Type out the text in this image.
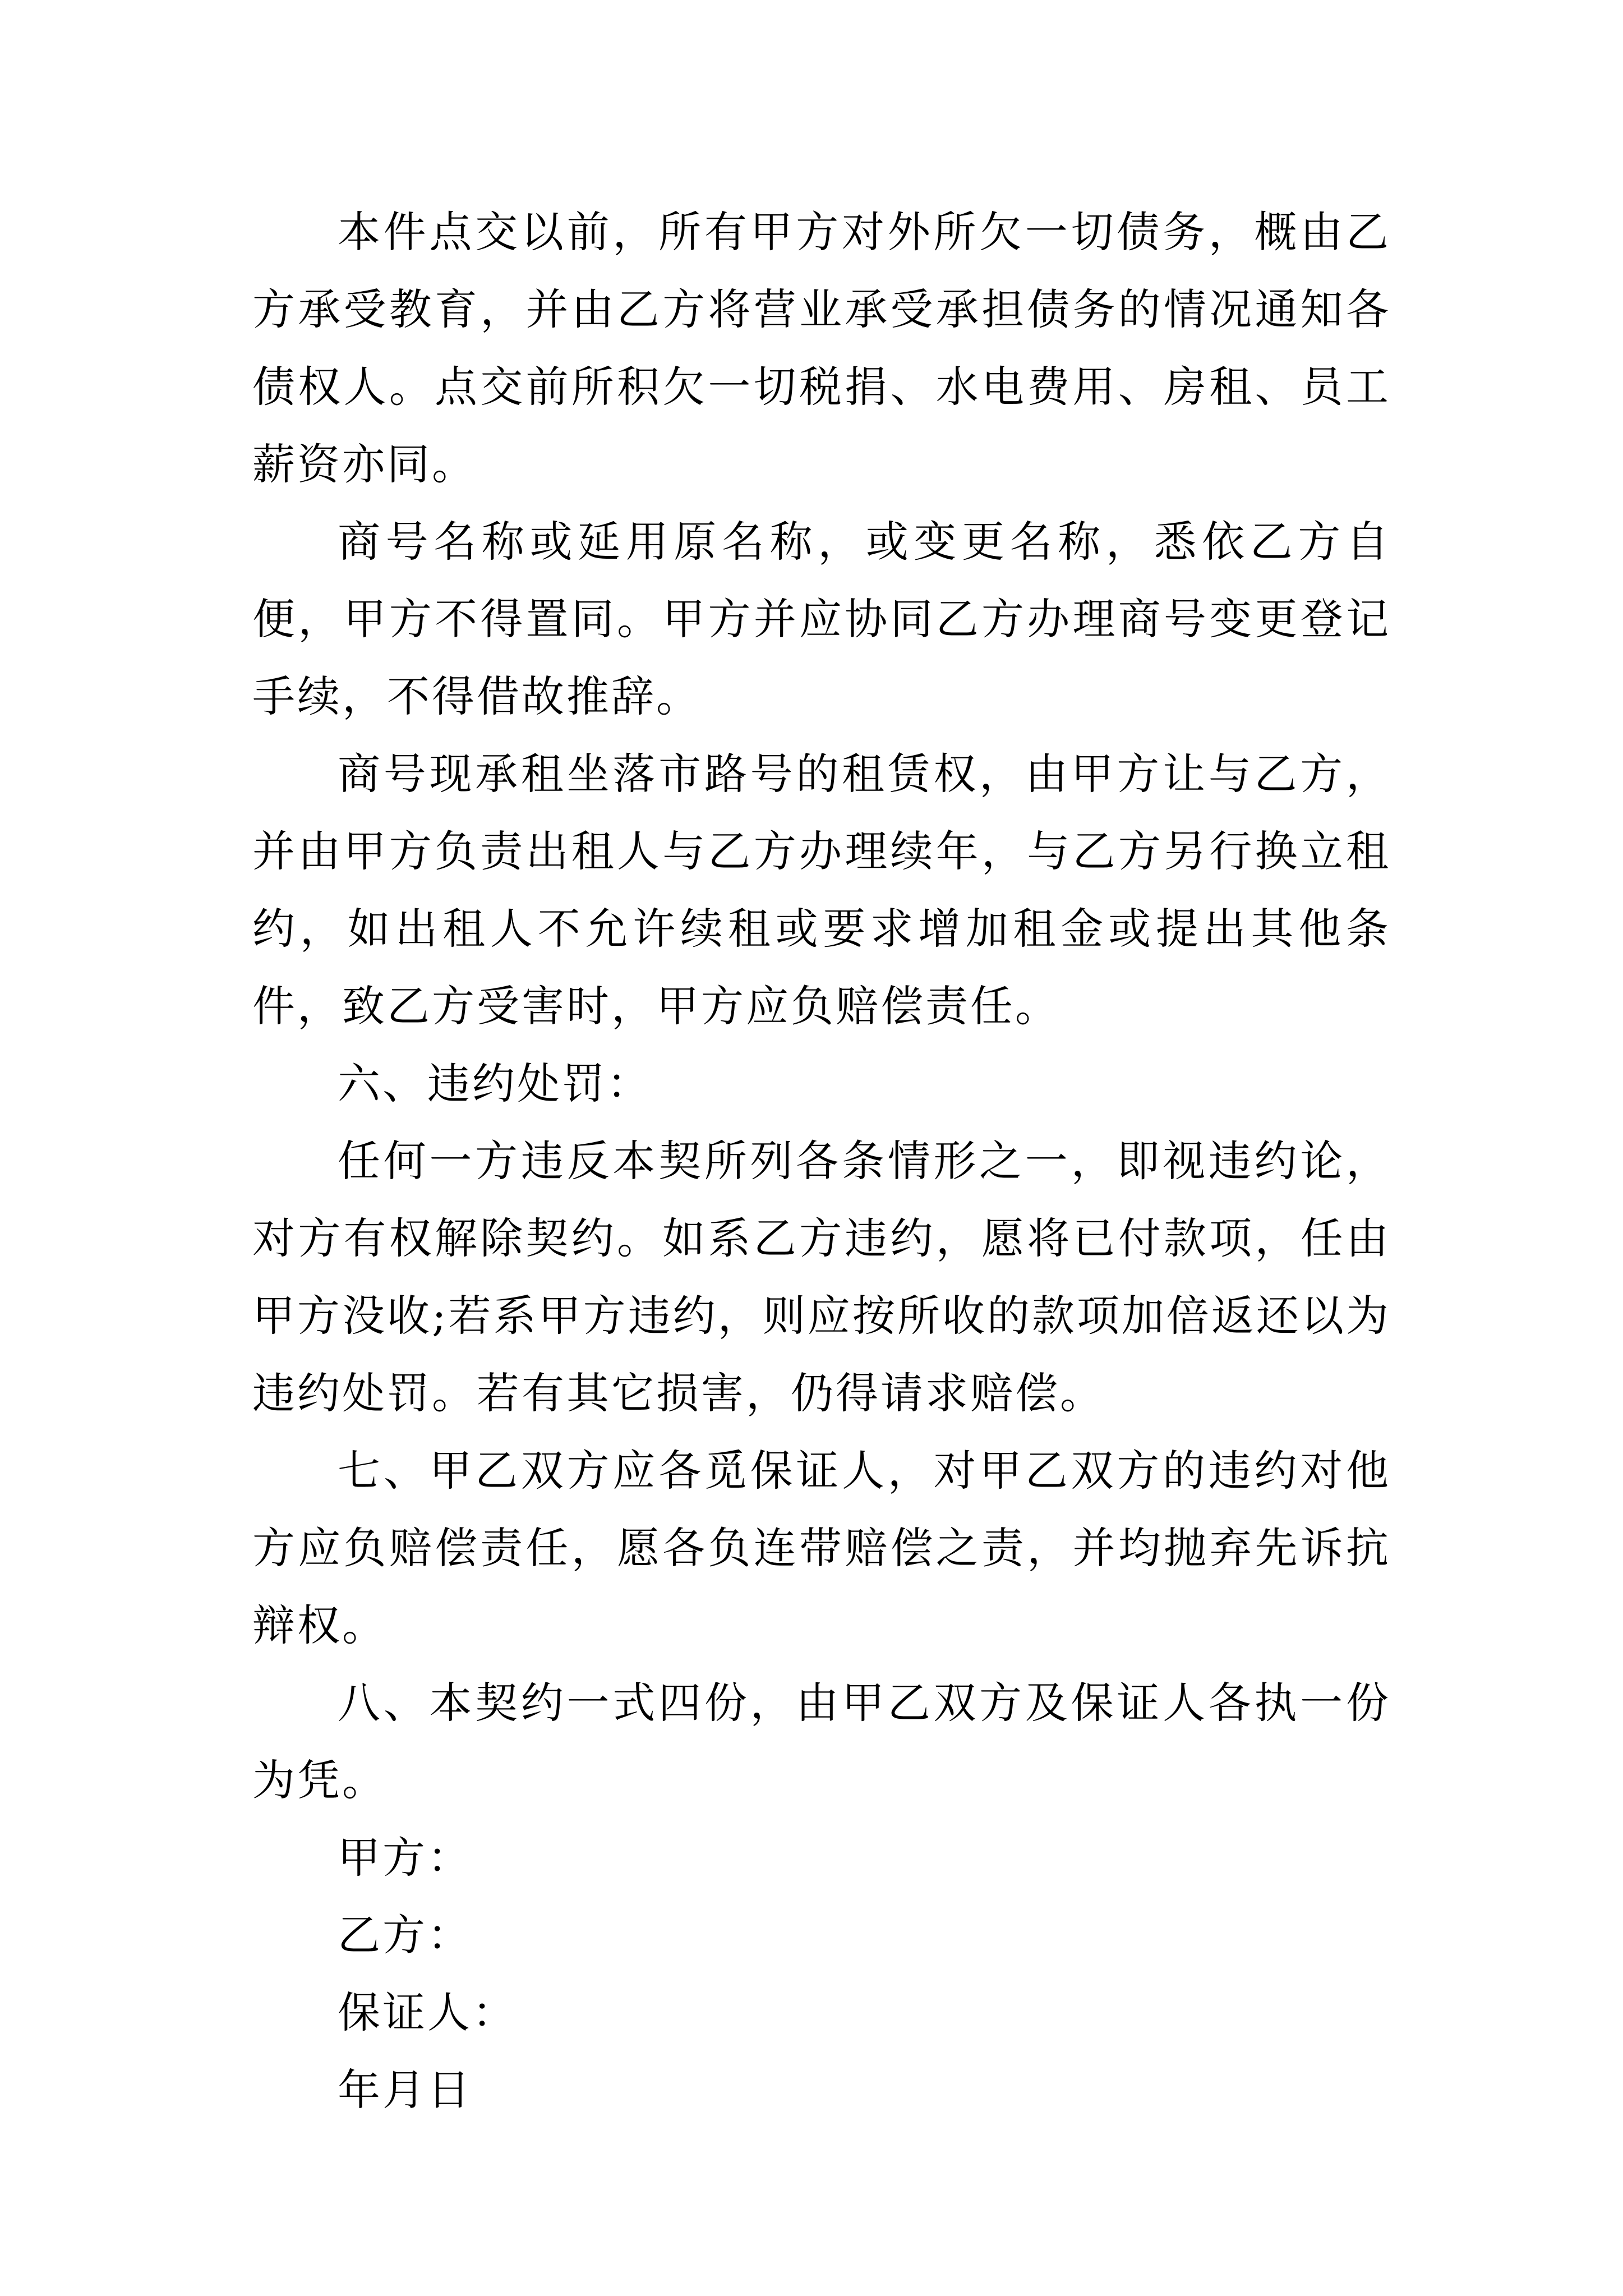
本件点交以前，所有甲方对外所欠一切债务，概由乙方承受教育，并由乙方将营业承受承担债务的情况通知各债权人。点交前所积欠一切税捐、水电费用、房租、员工薪资亦同。

商号名称或延用原名称，或变更名称，悉依乙方自便，甲方不得置同。甲方并应协同乙方办理商号变更登记手续，不得借故推辞。

商号现承租坐落市路号的租赁权，由甲方让与乙方，并由甲方负责出租人与乙方办理续年，与乙方另行换立租约，如出租人不允许续租或要求增加租金或提出其他条件，致乙方受害时，甲方应负赔偿责任。

六、违约处罚：

任何一方违反本契所列各条情形之一，即视违约论，对方有权解除契约。如系乙方违约，愿将已付款项，任由甲方没收;若系甲方违约，则应按所收的款项加倍返还以为违约处罚。若有其它损害，仍得请求赔偿。

七、甲乙双方应各觅保证人，对甲乙双方的违约对他方应负赔偿责任，愿各负连带赔偿之责，并均抛弃先诉抗辩权。

八、本契约一式四份，由甲乙双方及保证人各执一份为凭。

甲方：

乙方：

保证人：

年月日
